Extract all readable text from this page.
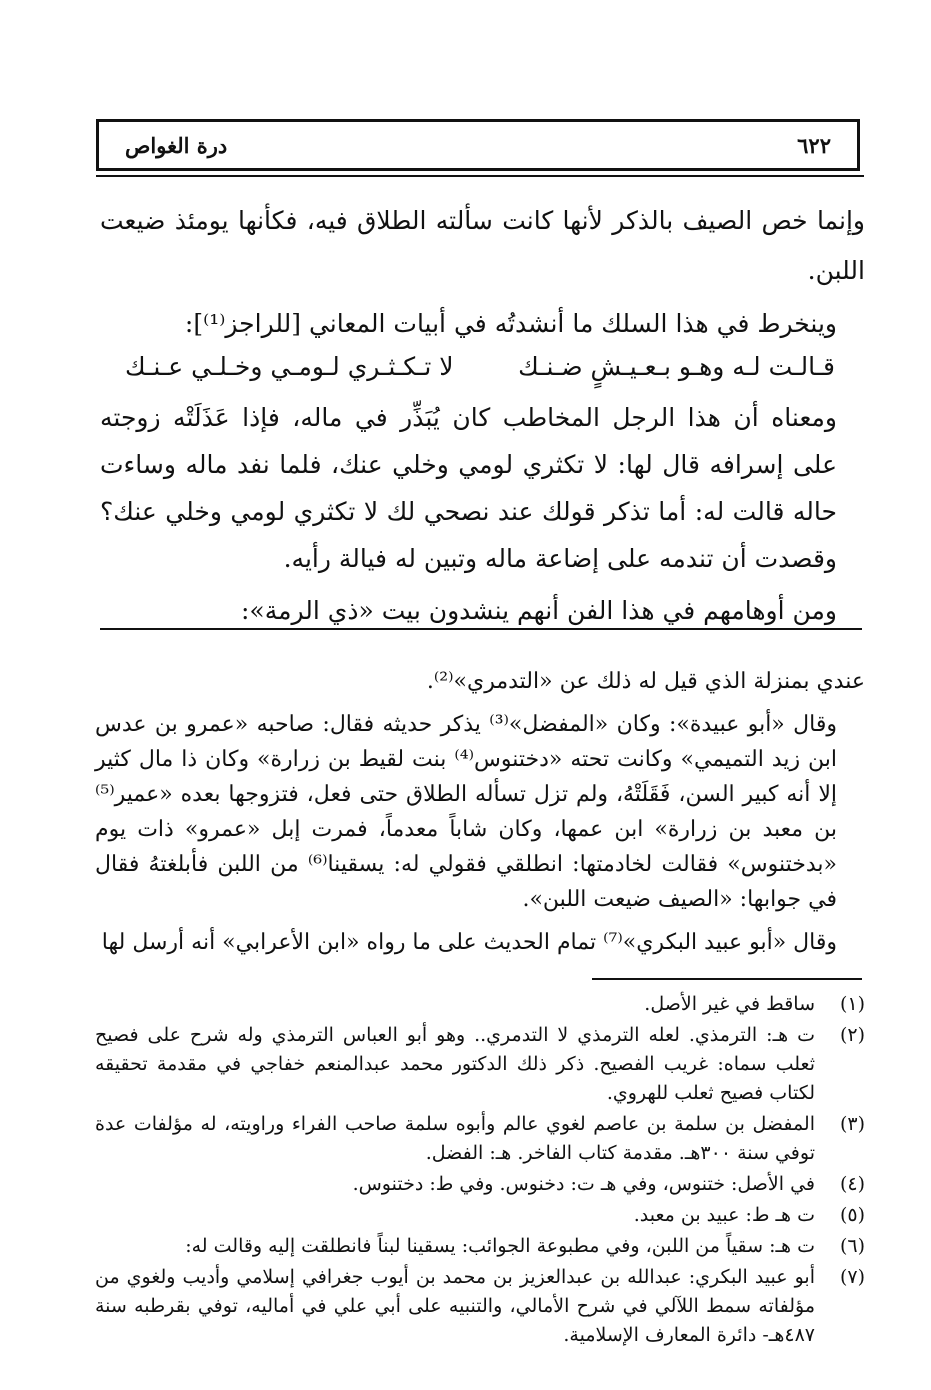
٦٢٢
درة الغواص

وإنما خص الصيف بالذكر لأنها كانت سألته الطلاق فيه، فكأنها يومئذ ضيعت اللبن.

وينخرط في هذا السلك ما أنشدتُه في أبيات المعاني [للراجز⁽¹⁾]:

قـالـت لـه وهـو بـعـيـشٍ ضـنـك
لا تـكـثـري لـومـي وخـلـي عـنـك

ومعناه أن هذا الرجل المخاطب كان يُبَذِّر في ماله، فإذا عَذَلَتْه زوجته على إسرافه قال لها: لا تكثري لومي وخلي عنك، فلما نفد ماله وساءت حاله قالت له: أما تذكر قولك عند نصحي لك لا تكثري لومي وخلي عنك؟ وقصدت أن تندمه على إضاعة ماله وتبين له فيالة رأيه.

ومن أوهامهم في هذا الفن أنهم ينشدون بيت «ذي الرمة»:

عندي بمنزلة الذي قيل له ذلك عن «التدمري»⁽²⁾.

وقال «أبو عبيدة»: وكان «المفضل»⁽³⁾ يذكر حديثه فقال: صاحبه «عمرو بن عدس ابن زيد التميمي» وكانت تحته «دختنوس⁽⁴⁾ بنت لقيط بن زرارة» وكان ذا مال كثير إلا أنه كبير السن، فَقَلَتْهُ، ولم تزل تسأله الطلاق حتى فعل، فتزوجها بعده «عمير⁽⁵⁾ بن معبد بن زرارة» ابن عمها، وكان شاباً معدماً، فمرت إبل «عمرو» ذات يوم «بدختنوس» فقالت لخادمتها: انطلقي فقولي له: يسقينا⁽⁶⁾ من اللبن فأبلغتهُ فقال في جوابها: «الصيف ضيعت اللبن».

وقال «أبو عبيد البكري»⁽⁷⁾ تمام الحديث على ما رواه «ابن الأعرابي» أنه أرسل لها

(١)
ساقط في غير الأصل.
(٢)
ت هـ: الترمذي. لعله الترمذي لا التدمري.. وهو أبو العباس الترمذي وله شرح على فصيح ثعلب سماه: غريب الفصيح. ذكر ذلك الدكتور محمد عبدالمنعم خفاجي في مقدمة تحقيقه لكتاب فصيح ثعلب للهروي.
(٣)
المفضل بن سلمة بن عاصم لغوي عالم وأبوه سلمة صاحب الفراء وراويته، له مؤلفات عدة توفي سنة ٣٠٠هـ. مقدمة كتاب الفاخر. هـ: الفضل.
(٤)
في الأصل: ختنوس، وفي هـ ت: دخنوس. وفي ط: دختنوس.
(٥)
ت هـ ط: عبيد بن معبد.
(٦)
ت هـ: سقياً من اللبن، وفي مطبوعة الجوائب: يسقينا لبناً فانطلقت إليه وقالت له:
(٧)
أبو عبيد البكري: عبدالله بن عبدالعزيز بن محمد بن أيوب جغرافي إسلامي وأديب ولغوي من مؤلفاته سمط اللآلي في شرح الأمالي، والتنبيه على أبي علي في أماليه، توفي بقرطبه سنة ٤٨٧هـ- دائرة المعارف الإسلامية.
